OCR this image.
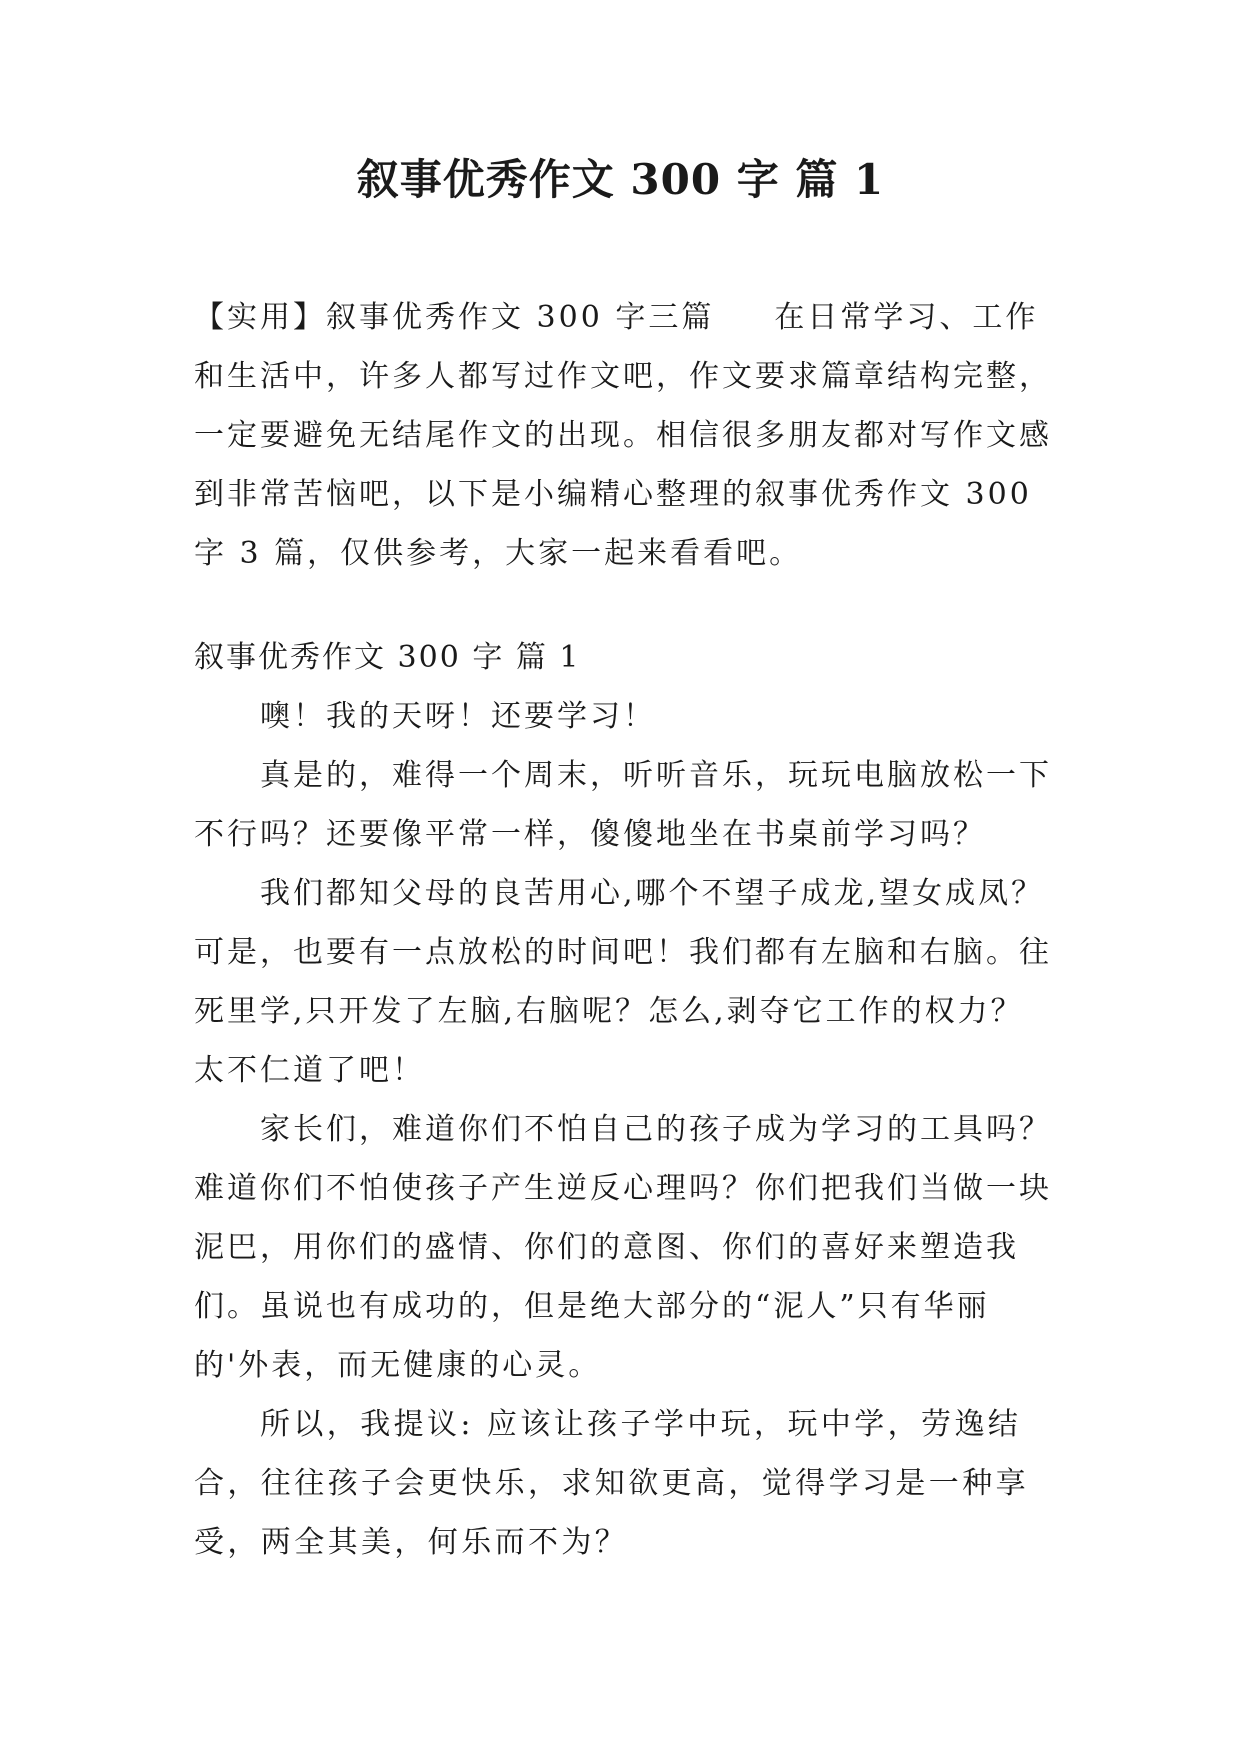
叙事优秀作文 300 字 篇 1

【实用】叙事优秀作文 300 字三篇 在日常学习、工作和生活中，许多人都写过作文吧，作文要求篇章结构完整，一定要避免无结尾作文的出现。相信很多朋友都对写作文感到非常苦恼吧，以下是小编精心整理的叙事优秀作文 300 字 3 篇，仅供参考，大家一起来看看吧。

叙事优秀作文 300 字 篇 1

噢！我的天呀！还要学习！

真是的，难得一个周末，听听音乐，玩玩电脑放松一下不行吗？还要像平常一样，傻傻地坐在书桌前学习吗？

我们都知父母的良苦用心,哪个不望子成龙,望女成凤？可是，也要有一点放松的时间吧！我们都有左脑和右脑。往死里学,只开发了左脑,右脑呢？怎么,剥夺它工作的权力？太不仁道了吧！

家长们，难道你们不怕自己的孩子成为学习的工具吗？难道你们不怕使孩子产生逆反心理吗？你们把我们当做一块泥巴，用你们的盛情、你们的意图、你们的喜好来塑造我们。虽说也有成功的，但是绝大部分的“泥人”只有华丽的'外表，而无健康的心灵。

所以，我提议: 应该让孩子学中玩，玩中学，劳逸结合，往往孩子会更快乐，求知欲更高，觉得学习是一种享受，两全其美，何乐而不为？
